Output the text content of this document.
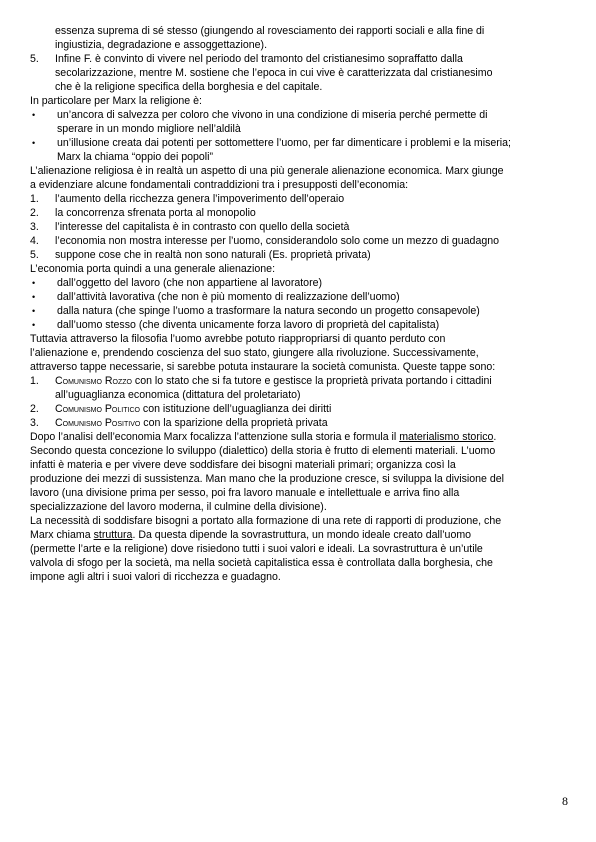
essenza suprema di sé stesso (giungendo al rovesciamento dei rapporti sociali e alla fine di
ingiustizia, degradazione e assoggettazione).
5.	Infine F. è convinto di vivere nel periodo del tramonto del cristianesimo sopraffatto dalla
secolarizzazione, mentre M. sostiene che l’epoca in cui vive è caratterizzata dal cristianesimo
che è la religione specifica della borghesia e del capitale.
In particolare per Marx la religione è:
•	un’ancora di salvezza per coloro che vivono in una condizione di miseria perché permette di
sperare in un mondo migliore nell’aldilà
•	un’illusione creata dai potenti per sottomettere l’uomo, per far dimenticare i problemi e la miseria;
Marx la chiama “oppio dei popoli”
L’alienazione religiosa è in realtà un aspetto di una più generale alienazione economica. Marx giunge
a evidenziare alcune fondamentali contraddizioni tra i presupposti dell’economia:
1.	l’aumento della ricchezza genera l’impoverimento dell’operaio
2.	la concorrenza sfrenata porta al monopolio
3.	l’interesse del capitalista è in contrasto con quello della società
4.	l’economia non mostra interesse per l’uomo, considerandolo solo come un mezzo di guadagno
5.	suppone cose che in realtà non sono naturali (Es. proprietà privata)
L’economia porta quindi a una generale alienazione:
•	dall’oggetto del lavoro (che non appartiene al lavoratore)
•	dall’attività lavorativa (che non è più momento di realizzazione dell’uomo)
•	dalla natura (che spinge l’uomo a trasformare la natura secondo un progetto consapevole)
•	dall’uomo stesso (che diventa unicamente forza lavoro di proprietà del capitalista)
Tuttavia attraverso la filosofia l’uomo avrebbe potuto riappropriarsi di quanto perduto con
l’alienazione e, prendendo coscienza del suo stato, giungere alla rivoluzione. Successivamente,
attraverso tappe necessarie, si sarebbe potuta instaurare la società comunista. Queste tappe sono:
1.	Comunismo Rozzo con lo stato che si fa tutore e gestisce la proprietà privata portando i cittadini
all’uguaglianza economica (dittatura del proletariato)
2.	Comunismo Politico con istituzione dell’uguaglianza dei diritti
3.	Comunismo Positivo con la sparizione della proprietà privata
Dopo l’analisi dell’economia Marx focalizza l’attenzione sulla storia e formula il materialismo storico.
Secondo questa concezione lo sviluppo (dialettico) della storia è frutto di elementi materiali. L’uomo
infatti è materia e per vivere deve soddisfare dei bisogni materiali primari; organizza così la
produzione dei mezzi di sussistenza. Man mano che la produzione cresce, si sviluppa la divisione del
lavoro (una divisione prima per sesso, poi fra lavoro manuale e intellettuale e arriva fino alla
specializzazione del lavoro moderna, il culmine della divisione).
La necessità di soddisfare bisogni a portato alla formazione di una rete di rapporti di produzione, che
Marx chiama struttura. Da questa dipende la sovrastruttura, un mondo ideale creato dall’uomo
(permette l’arte e la religione) dove risiedono tutti i suoi valori e ideali. La sovrastruttura è un’utile
valvola di sfogo per la società, ma nella società capitalistica essa è controllata dalla borghesia, che
impone agli altri i suoi valori di ricchezza e guadagno.
8
